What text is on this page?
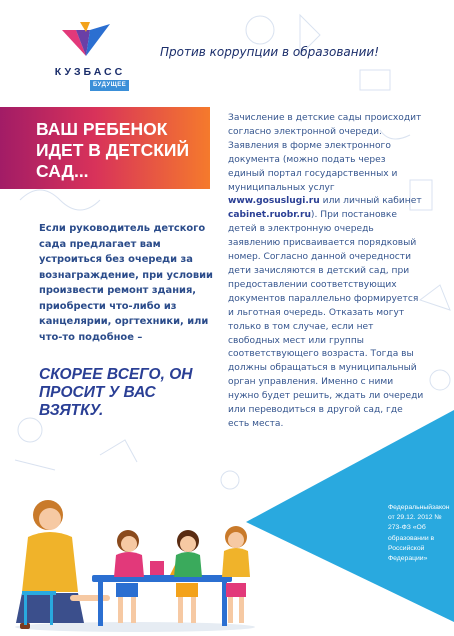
КУЗБАСС
БУДУЩЕЕ
Против коррупции в образовании!
ВАШ РЕБЕНОК ИДЕТ В ДЕТСКИЙ САД...
Если руководитель детского сада предлагает вам устроиться без очереди за вознаграждение, при условии произвести ремонт здания, приобрести что-либо из канцелярии, оргтехники, или что-то подобное –
СКОРЕЕ ВСЕГО, ОН ПРОСИТ У ВАС ВЗЯТКУ.
Зачисление в детские сады происходит согласно электронной очереди. Заявления в форме электронного документа (можно подать через единый портал государственных и муниципальных услуг www.gosuslugi.ru или личный кабинет cabinet.ruobr.ru). При постановке детей в электронную очередь заявлению присваивается порядковый номер. Согласно данной очередности дети зачисляются в детский сад, при предоставлении соответствующих документов параллельно формируется и льготная очередь. Отказать могут только в том случае, если нет свободных мест или группы соответствующего возраста. Тогда вы должны обращаться в муниципальный орган управления. Именно с ними нужно будет решить, ждать ли очереди или переводиться в другой сад, где есть места.
Федеральныйзакон от 29.12. 2012 № 273-ФЗ «Об образовании в Российской Федерации»
